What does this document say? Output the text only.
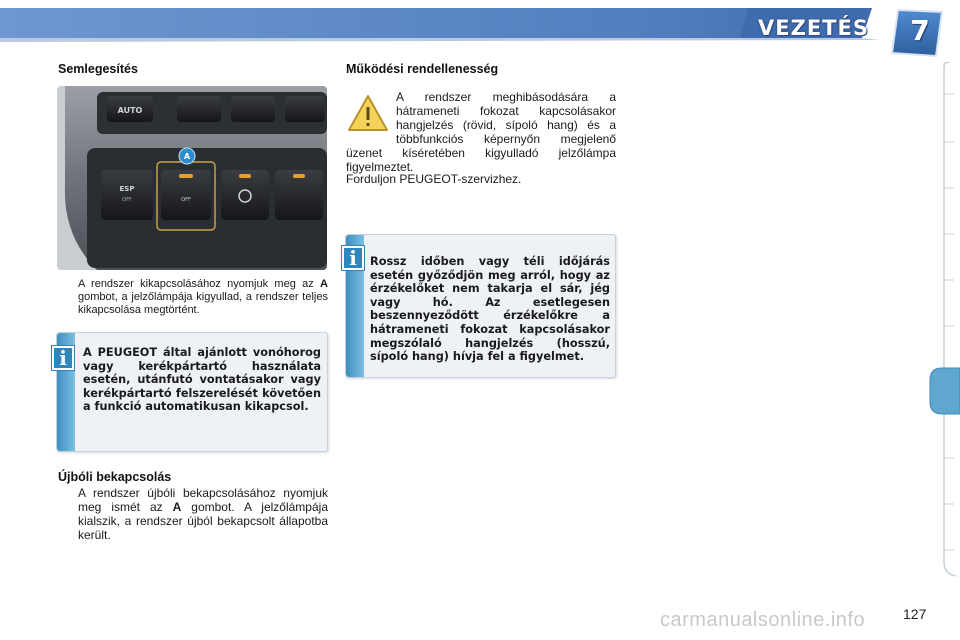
VEZETÉS 7
Semlegesítés
AUTO
ESP
OFF	OFF
A
A rendszer kikapcsolásához nyomjuk meg az A gombot, a jelzőlámpája kigyullad, a rendszer teljes kikapcsolása megtörtént.
A PEUGEOT által ajánlott vonóhorog vagy kerékpártartó használata esetén, utánfutó vontatásakor vagy kerékpártartó felszerelését követően a funkció automatikusan kikapcsol.
i
Újbóli bekapcsolás
A rendszer újbóli bekapcsolásához nyomjuk meg ismét az A gombot. A jelzőlámpája kialszik, a rendszer újból bekapcsolt állapotba került.
Működési rendellenesség
A rendszer meghibásodására a hátrameneti fokozat kapcsolásakor hangjelzés (rövid, sípoló hang) és a többfunkciós képernyőn megjelenő üzenet kíséretében kigyulladó jelzőlámpa figyelmeztet.
Forduljon PEUGEOT-szervizhez.
Rossz időben vagy téli időjárás esetén győződjön meg arról, hogy az érzékelőket nem takarja el sár, jég vagy hó. Az esetlegesen beszennyeződött érzékelőkre a hátrameneti fokozat kapcsolásakor megszólaló hangjelzés (hosszú, sípoló hang) hívja fel a figyelmet.
i
carmanualsonline.info	127
